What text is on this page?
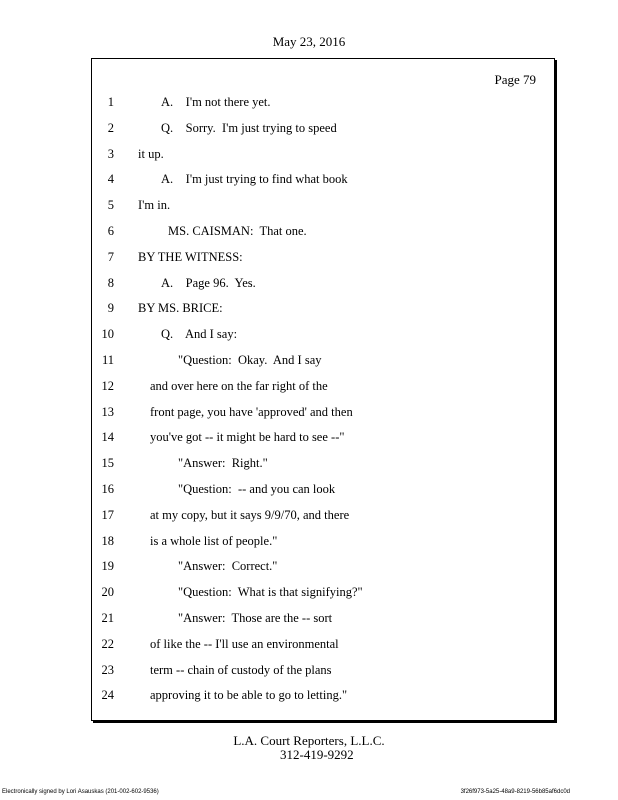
May 23, 2016
Page 79
1	A.    I'm not there yet.
2	Q.    Sorry.  I'm just trying to speed
3 it up.
4	A.    I'm just trying to find what book
5 I'm in.
6	MS. CAISMAN:  That one.
7 BY THE WITNESS:
8	A.    Page 96.  Yes.
9 BY MS. BRICE:
10	Q.    And I say:
11	"Question:  Okay.  And I say
12	and over here on the far right of the
13	front page, you have 'approved' and then
14	you've got -- it might be hard to see --"
15	"Answer:  Right."
16	"Question:  -- and you can look
17	at my copy, but it says 9/9/70, and there
18	is a whole list of people."
19	"Answer:  Correct."
20	"Question:  What is that signifying?"
21	"Answer:  Those are the -- sort
22	of like the -- I'll use an environmental
23	term -- chain of custody of the plans
24	approving it to be able to go to letting."
L.A. Court Reporters, L.L.C.
312-419-9292
Electronically signed by Lori Asauskas (201-002-602-9536)	3f26f973-5a25-48a9-8219-56b85af6dc0d
